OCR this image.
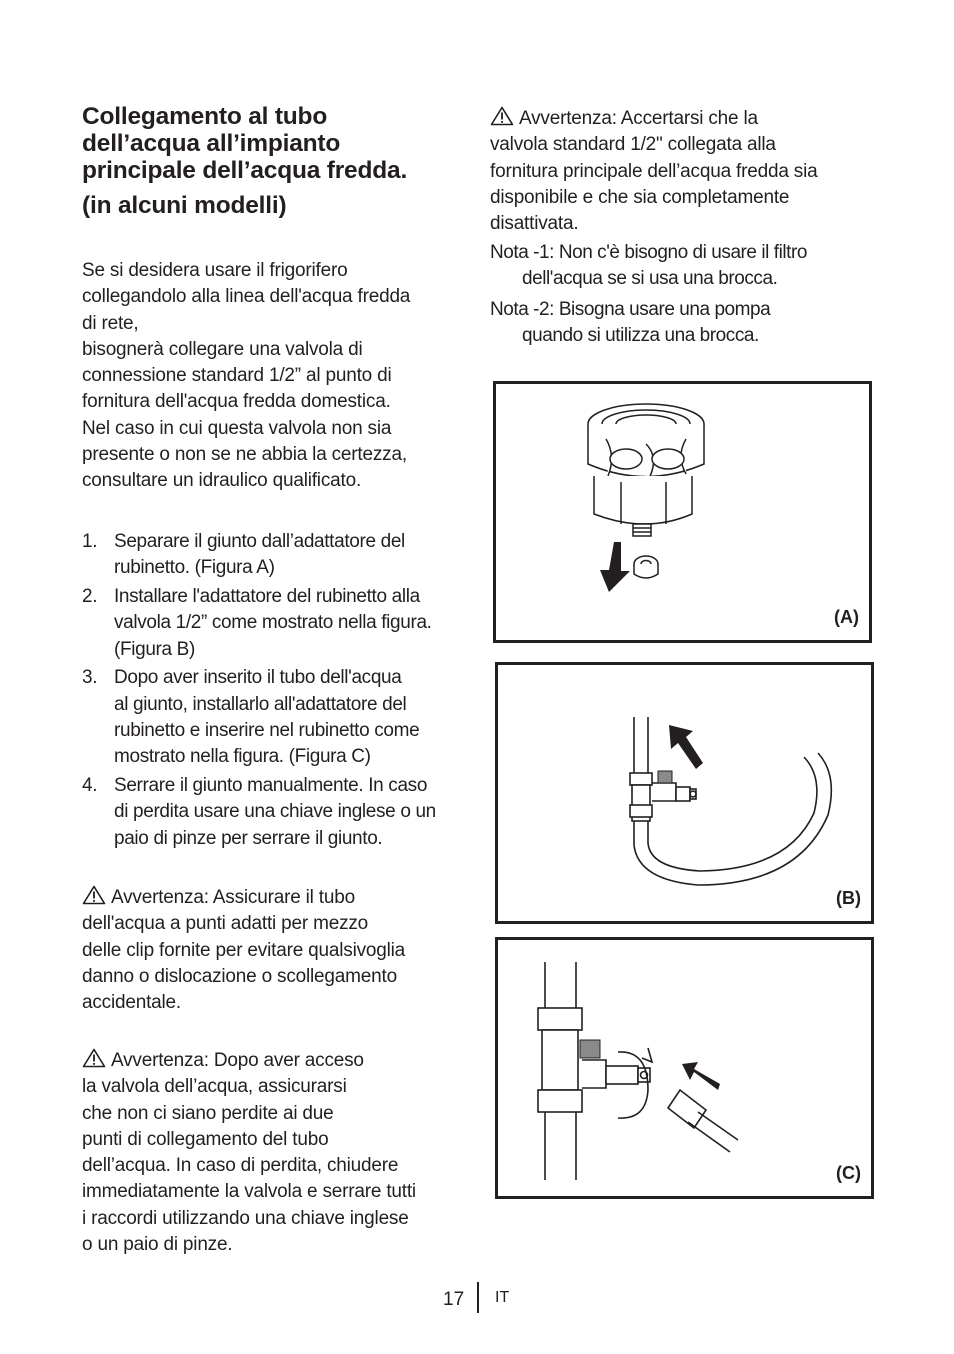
Collegamento al tubo
dell’acqua all’impianto
principale dell’acqua fredda.
(in alcuni modelli)
Se si desidera usare il frigorifero
collegandolo alla linea dell'acqua fredda
di rete,
bisognerà collegare una valvola di
connessione standard 1/2” al punto di
fornitura dell'acqua fredda domestica.
Nel caso in cui questa valvola non sia
presente o non se ne abbia la certezza,
consultare un idraulico qualificato.
1. Separare il giunto dall’adattatore del
rubinetto. (Figura A)
2. Installare l'adattatore del rubinetto alla
valvola 1/2” come mostrato nella figura.
(Figura B)
3. Dopo aver inserito il tubo dell'acqua
al giunto, installarlo all'adattatore del
rubinetto e inserire nel rubinetto come
mostrato nella figura. (Figura C)
4. Serrare il giunto manualmente. In caso
di perdita usare una chiave inglese o un
paio di pinze per serrare il giunto.
Avvertenza: Assicurare il tubo
dell'acqua a punti adatti per mezzo
delle clip fornite per evitare qualsivoglia
danno o dislocazione o scollegamento
accidentale.
Avvertenza: Dopo aver acceso
la valvola dell’acqua, assicurarsi
che non ci siano perdite ai due
punti di collegamento del tubo
dell’acqua. In caso di perdita, chiudere
immediatamente la valvola e serrare tutti
i raccordi utilizzando una chiave inglese
o un paio di pinze.
Avvertenza: Accertarsi che la
valvola standard 1/2" collegata alla
fornitura principale dell’acqua fredda sia
disponibile e che sia completamente
disattivata.
Nota -1: Non c'è bisogno di usare il filtro
dell'acqua se si usa una brocca.
Nota -2: Bisogna usare una pompa
quando si utilizza una brocca.
(A)
(B)
(C)
17 IT
